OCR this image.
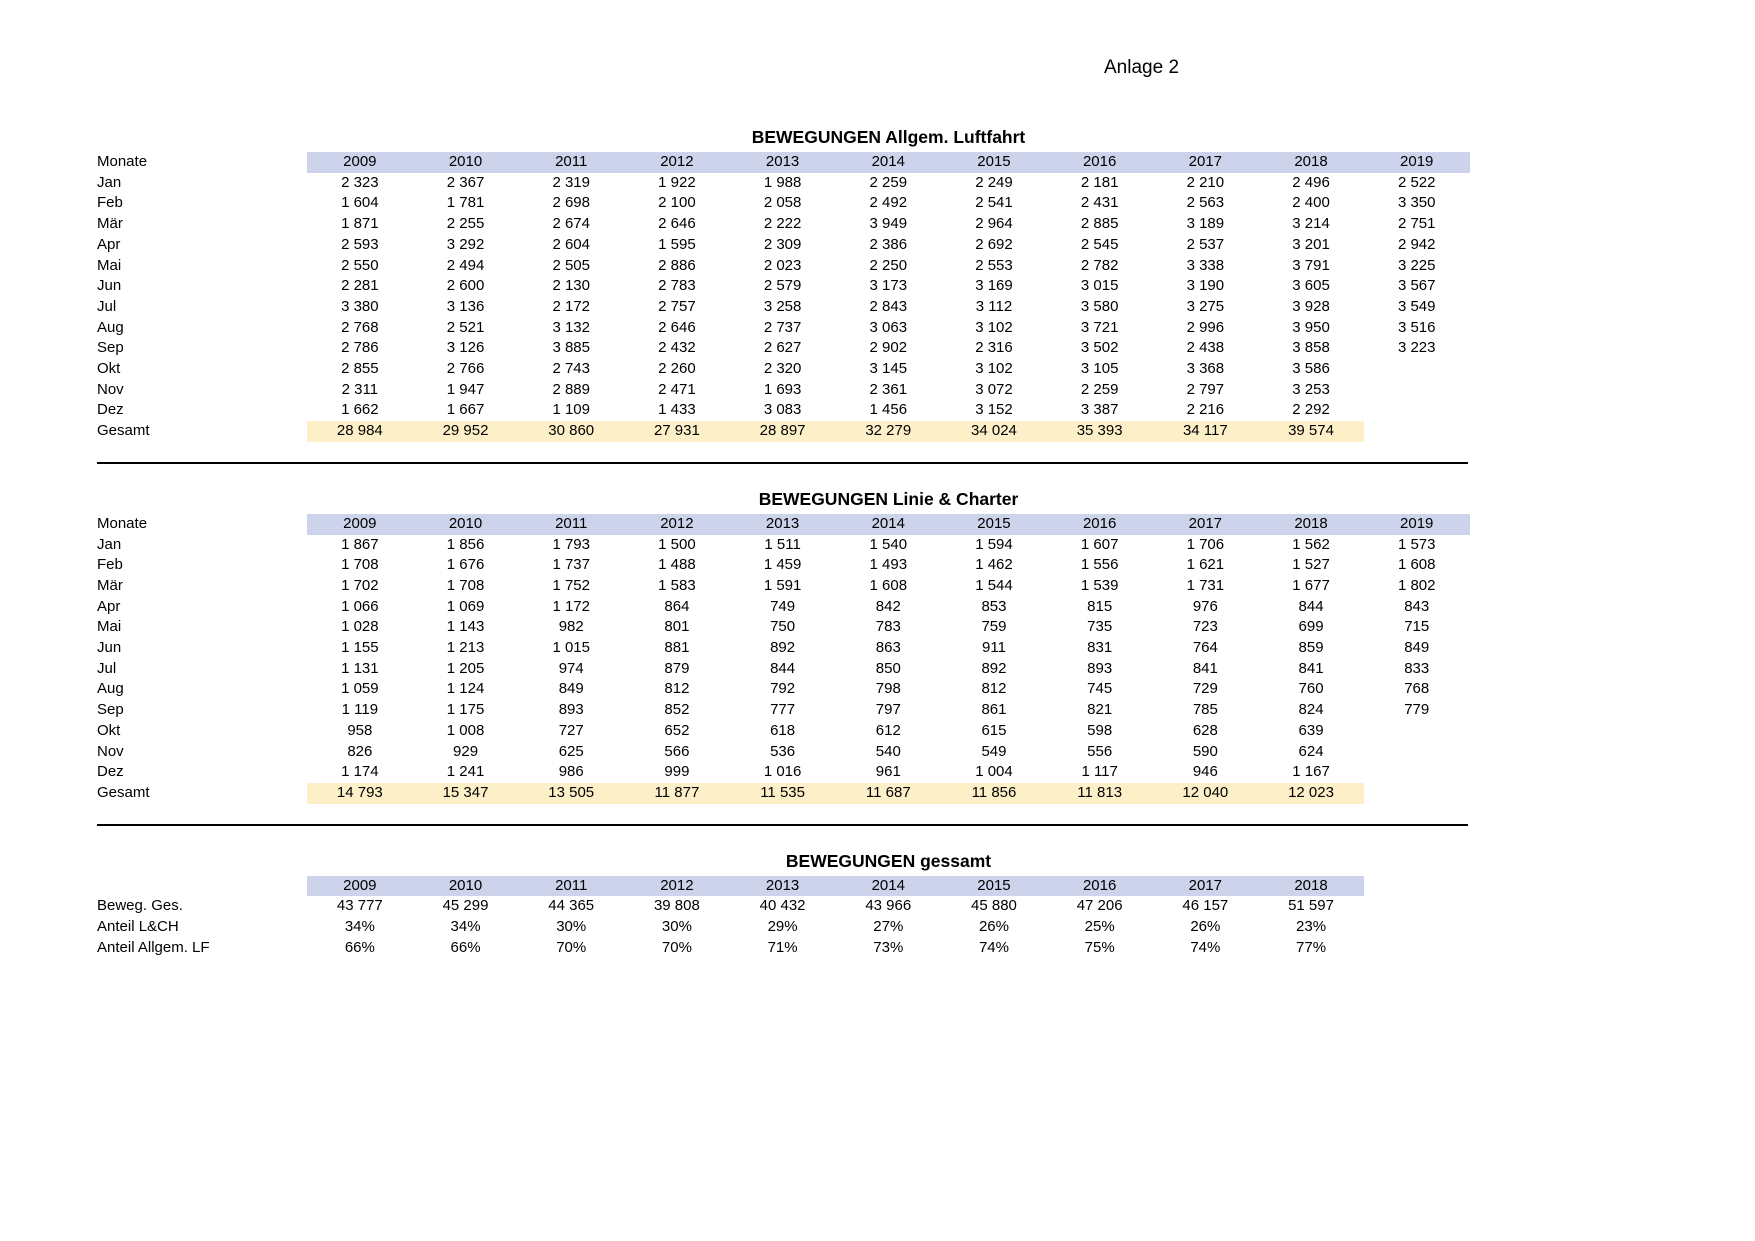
Anlage 2
BEWEGUNGEN Allgem. Luftfahrt
Monate	2009	2010	2011	2012	2013	2014	2015	2016	2017	2018	2019
Jan	2 323	2 367	2 319	1 922	1 988	2 259	2 249	2 181	2 210	2 496	2 522
Feb	1 604	1 781	2 698	2 100	2 058	2 492	2 541	2 431	2 563	2 400	3 350
Mär	1 871	2 255	2 674	2 646	2 222	3 949	2 964	2 885	3 189	3 214	2 751
Apr	2 593	3 292	2 604	1 595	2 309	2 386	2 692	2 545	2 537	3 201	2 942
Mai	2 550	2 494	2 505	2 886	2 023	2 250	2 553	2 782	3 338	3 791	3 225
Jun	2 281	2 600	2 130	2 783	2 579	3 173	3 169	3 015	3 190	3 605	3 567
Jul	3 380	3 136	2 172	2 757	3 258	2 843	3 112	3 580	3 275	3 928	3 549
Aug	2 768	2 521	3 132	2 646	2 737	3 063	3 102	3 721	2 996	3 950	3 516
Sep	2 786	3 126	3 885	2 432	2 627	2 902	2 316	3 502	2 438	3 858	3 223
Okt	2 855	2 766	2 743	2 260	2 320	3 145	3 102	3 105	3 368	3 586	
Nov	2 311	1 947	2 889	2 471	1 693	2 361	3 072	2 259	2 797	3 253	
Dez	1 662	1 667	1 109	1 433	3 083	1 456	3 152	3 387	2 216	2 292	
Gesamt	28 984	29 952	30 860	27 931	28 897	32 279	34 024	35 393	34 117	39 574	
BEWEGUNGEN Linie & Charter
Monate	2009	2010	2011	2012	2013	2014	2015	2016	2017	2018	2019
Jan	1 867	1 856	1 793	1 500	1 511	1 540	1 594	1 607	1 706	1 562	1 573
Feb	1 708	1 676	1 737	1 488	1 459	1 493	1 462	1 556	1 621	1 527	1 608
Mär	1 702	1 708	1 752	1 583	1 591	1 608	1 544	1 539	1 731	1 677	1 802
Apr	1 066	1 069	1 172	864	749	842	853	815	976	844	843
Mai	1 028	1 143	982	801	750	783	759	735	723	699	715
Jun	1 155	1 213	1 015	881	892	863	911	831	764	859	849
Jul	1 131	1 205	974	879	844	850	892	893	841	841	833
Aug	1 059	1 124	849	812	792	798	812	745	729	760	768
Sep	1 119	1 175	893	852	777	797	861	821	785	824	779
Okt	958	1 008	727	652	618	612	615	598	628	639	
Nov	826	929	625	566	536	540	549	556	590	624	
Dez	1 174	1 241	986	999	1 016	961	1 004	1 117	946	1 167	
Gesamt	14 793	15 347	13 505	11 877	11 535	11 687	11 856	11 813	12 040	12 023	
BEWEGUNGEN gessamt
	2009	2010	2011	2012	2013	2014	2015	2016	2017	2018
Beweg. Ges.	43 777	45 299	44 365	39 808	40 432	43 966	45 880	47 206	46 157	51 597
Anteil L&CH	34%	34%	30%	30%	29%	27%	26%	25%	26%	23%
Anteil Allgem. LF	66%	66%	70%	70%	71%	73%	74%	75%	74%	77%
